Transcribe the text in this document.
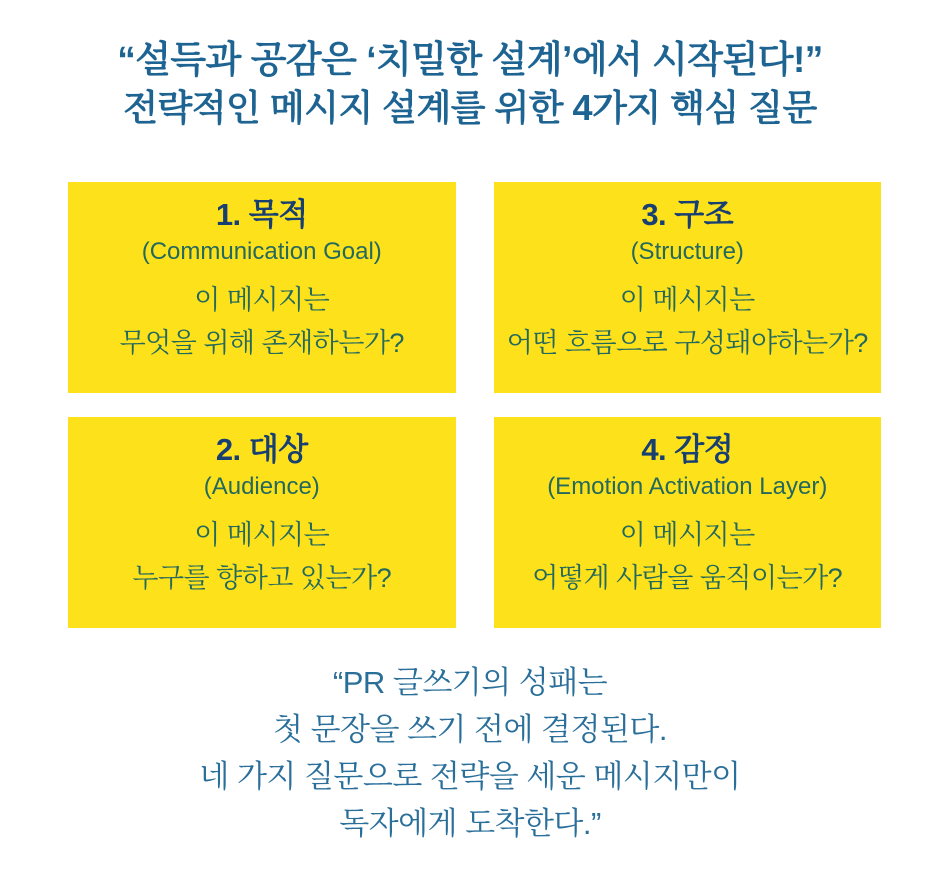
“설득과 공감은 ‘치밀한 설계’에서 시작된다!”
전략적인 메시지 설계를 위한 4가지 핵심 질문
1. 목적
(Communication Goal)
이 메시지는
무엇을 위해 존재하는가?
3. 구조
(Structure)
이 메시지는
어떤 흐름으로 구성돼야하는가?
2. 대상
(Audience)
이 메시지는
누구를 향하고 있는가?
4. 감정
(Emotion Activation Layer)
이 메시지는
어떻게 사람을 움직이는가?
“PR 글쓰기의 성패는
첫 문장을 쓰기 전에 결정된다.
네 가지 질문으로 전략을 세운 메시지만이
독자에게 도착한다.”
